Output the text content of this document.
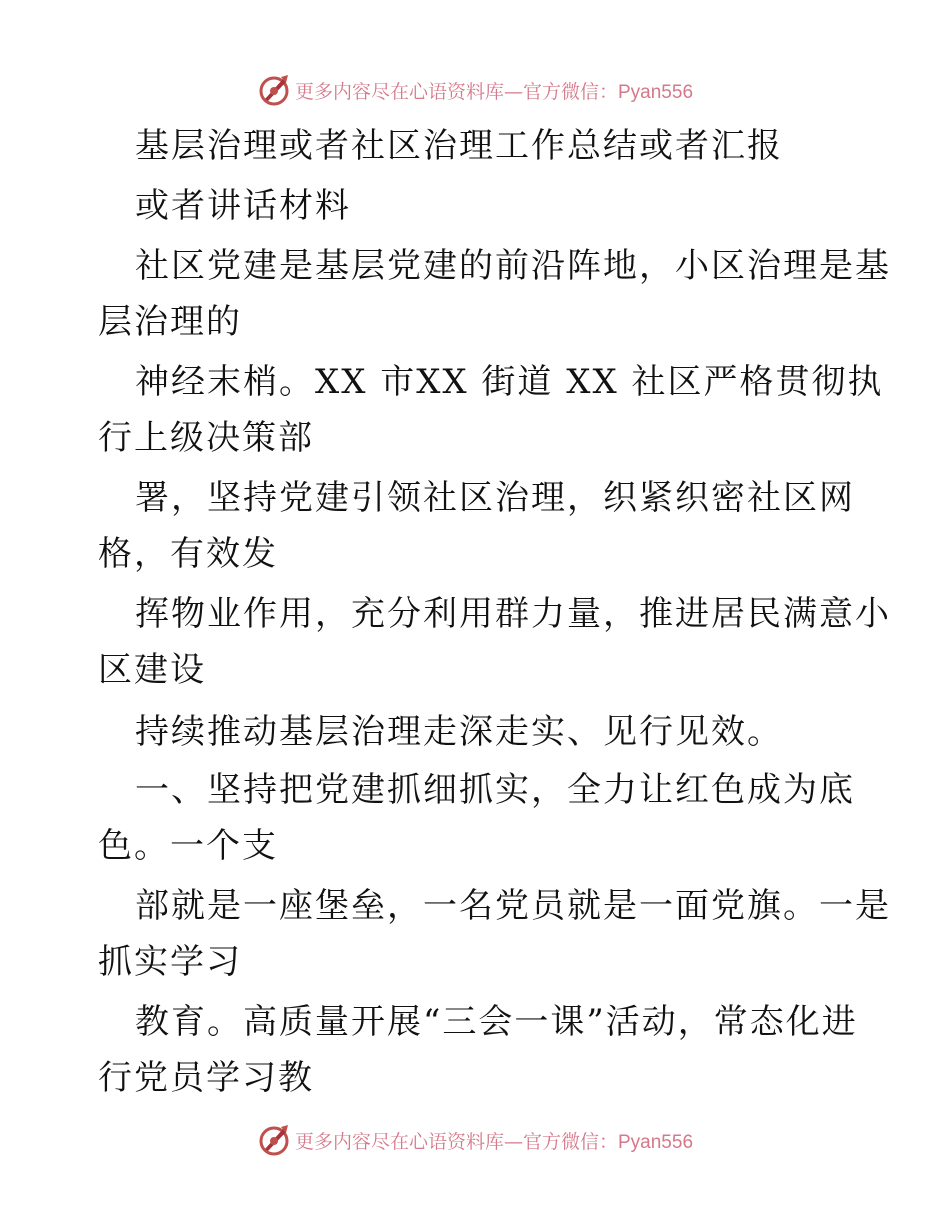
更多内容尽在心语资料库—官方微信：Pyan556
基层治理或者社区治理工作总结或者汇报
或者讲话材料
社区党建是基层党建的前沿阵地，小区治理是基
层治理的
神经末梢。XX 市XX 街道 XX 社区严格贯彻执
行上级决策部
署，坚持党建引领社区治理，织紧织密社区网
格，有效发
挥物业作用，充分利用群力量，推进居民满意小
区建设
持续推动基层治理走深走实、见行见效。
一、坚持把党建抓细抓实，全力让红色成为底
色。一个支
部就是一座堡垒，一名党员就是一面党旗。一是
抓实学习
教育。高质量开展“三会一课”活动，常态化进
行党员学习教
更多内容尽在心语资料库—官方微信：Pyan556
